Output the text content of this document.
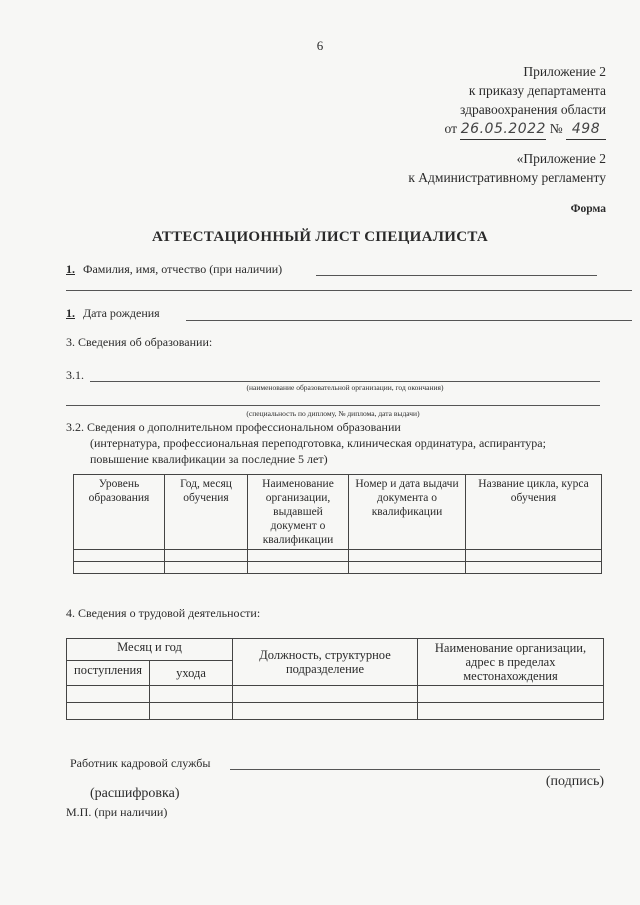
6
Приложение 2
к приказу департамента
здравоохранения области
от 26.05.2022 № 498
«Приложение 2
к Административному регламенту
Форма
АТТЕСТАЦИОННЫЙ ЛИСТ СПЕЦИАЛИСТА
1. Фамилия, имя, отчество (при наличии)
1. Дата рождения
3. Сведения об образовании:
3.1.
(наименование образовательной организации, год окончания)
(специальность по диплому, № диплома, дата выдачи)
3.2. Сведения о дополнительном профессиональном образовании
(интернатура, профессиональная переподготовка, клиническая ординатура, аспирантура;
повышение квалификации за последние 5 лет)
Уровень образования	Год, месяц обучения	Наименование организации, выдавшей документ о квалификации	Номер и дата выдачи документа о квалификации	Название цикла, курса обучения

4. Сведения о трудовой деятельности:
Месяц и год		Должность, структурное подразделение	Наименование организации, адрес в пределах местонахождения
поступления	ухода		

Работник кадровой службы
(подпись)
(расшифровка)
М.П. (при наличии)
